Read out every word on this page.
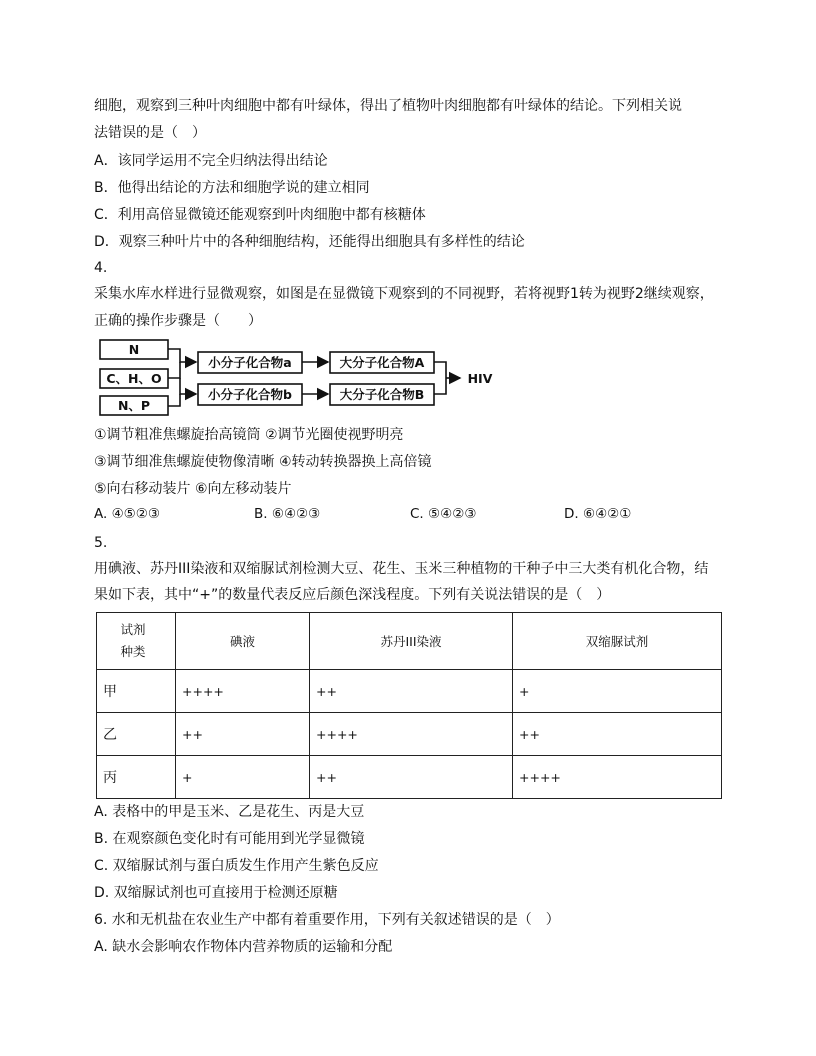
细胞，观察到三种叶肉细胞中都有叶绿体，得出了植物叶肉细胞都有叶绿体的结论。下列相关说
法错误的是（　）
A．该同学运用不完全归纳法得出结论
B．他得出结论的方法和细胞学说的建立相同
C．利用高倍显微镜还能观察到叶肉细胞中都有核糖体
D．观察三种叶片中的各种细胞结构，还能得出细胞具有多样性的结论
4.
采集水库水样进行显微观察，如图是在显微镜下观察到的不同视野，若将视野1转为视野2继续观察，
正确的操作步骤是（　　）
N
C、H、O
N、P
小分子化合物a
小分子化合物b
大分子化合物A
大分子化合物B
HIV
①调节粗准焦螺旋抬高镜筒 ②调节光圈使视野明亮
③调节细准焦螺旋使物像清晰 ④转动转换器换上高倍镜
⑤向右移动装片 ⑥向左移动装片
A. ④⑤②③	B. ⑥④②③	C. ⑤④②③	D. ⑥④②①
5.
用碘液、苏丹III染液和双缩脲试剂检测大豆、花生、玉米三种植物的干种子中三大类有机化合物，结
果如下表，其中“+”的数量代表反应后颜色深浅程度。下列有关说法错误的是（　）
试剂
种类	碘液	苏丹III染液	双缩脲试剂
甲	++++	++	+
乙	++	++++	++
丙	+	++	++++
A. 表格中的甲是玉米、乙是花生、丙是大豆
B. 在观察颜色变化时有可能用到光学显微镜
C. 双缩脲试剂与蛋白质发生作用产生紫色反应
D. 双缩脲试剂也可直接用于检测还原糖
6. 水和无机盐在农业生产中都有着重要作用，下列有关叙述错误的是（　）
A. 缺水会影响农作物体内营养物质的运输和分配
